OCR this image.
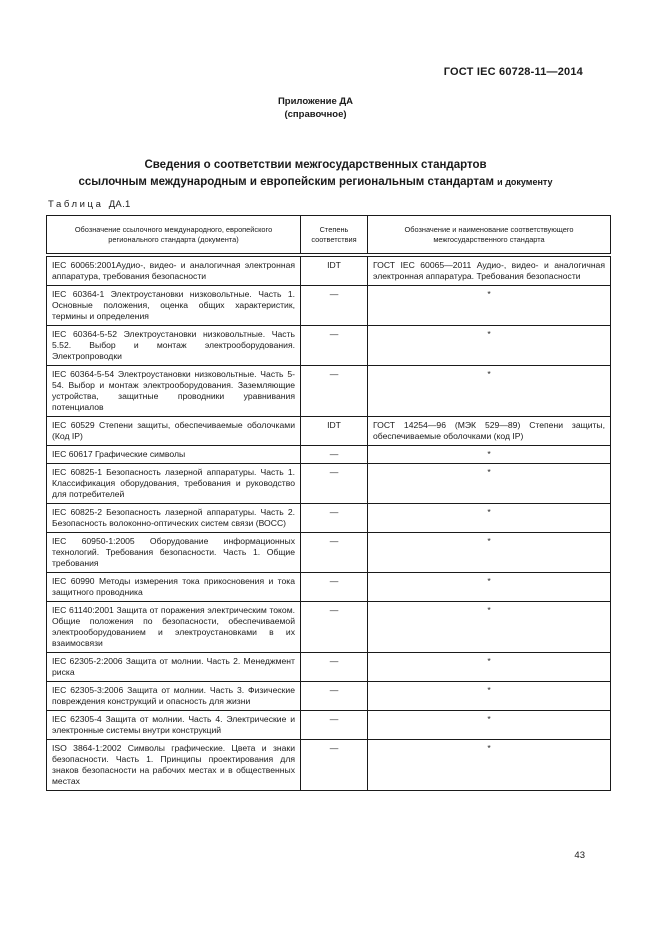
ГОСТ IEC 60728-11—2014
Приложение ДА
(справочное)
Сведения о соответствии межгосударственных стандартов
ссылочным международным и европейским региональным стандартам и документу
Таблица ДА.1
Обозначение ссылочного международного, европейского регионального стандарта (документа)	Степень соответствия	Обозначение и наименование соответствующего межгосударственного стандарта

IEC 60065:2001Аудио-, видео- и аналогичная электронная аппаратура, требования безопасности	IDT	ГОСТ IEC 60065—2011 Аудио-, видео- и аналогичная электронная аппаратура. Требования безопасности
IEC 60364-1 Электроустановки низковольтные. Часть 1. Основные положения, оценка общих характеристик, термины и определения	—	*
IEC 60364-5-52 Электроустановки низковольтные. Часть 5.52. Выбор и монтаж электрооборудования. Электропроводки	—	*
IEC 60364-5-54 Электроустановки низковольтные. Часть 5-54. Выбор и монтаж электрооборудования. Заземляющие устройства, защитные проводники уравнивания потенциалов	—	*
IEC 60529 Степени защиты, обеспечиваемые оболочками (Код IP)	IDT	ГОСТ 14254—96 (МЭК 529—89) Степени защиты, обеспечиваемые оболочками (код IP)
IEC 60617 Графические символы	—	*
IEC 60825-1 Безопасность лазерной аппаратуры. Часть 1. Классификация оборудования, требования и руководство для потребителей	—	*
IEC 60825-2 Безопасность лазерной аппаратуры. Часть 2. Безопасность волоконно-оптических систем связи (ВОСС)	—	*
IEC 60950-1:2005 Оборудование информационных технологий. Требования безопасности. Часть 1. Общие требования	—	*
IEC 60990 Методы измерения тока прикосновения и тока защитного проводника	—	*
IEC 61140:2001 Защита от поражения электрическим током. Общие положения по безопасности, обеспечиваемой электрооборудованием и электроустановками в их взаимосвязи	—	*
IEC 62305-2:2006 Защита от молнии. Часть 2. Менеджмент риска	—	*
IEC 62305-3:2006 Защита от молнии. Часть 3. Физические повреждения конструкций и опасность для жизни	—	*
IEC 62305-4 Защита от молнии. Часть 4. Электрические и электронные системы внутри конструкций	—	*
ISO 3864-1:2002 Символы графические. Цвета и знаки безопасности. Часть 1. Принципы проектирования для знаков безопасности на рабочих местах и в общественных местах	—	*
43
